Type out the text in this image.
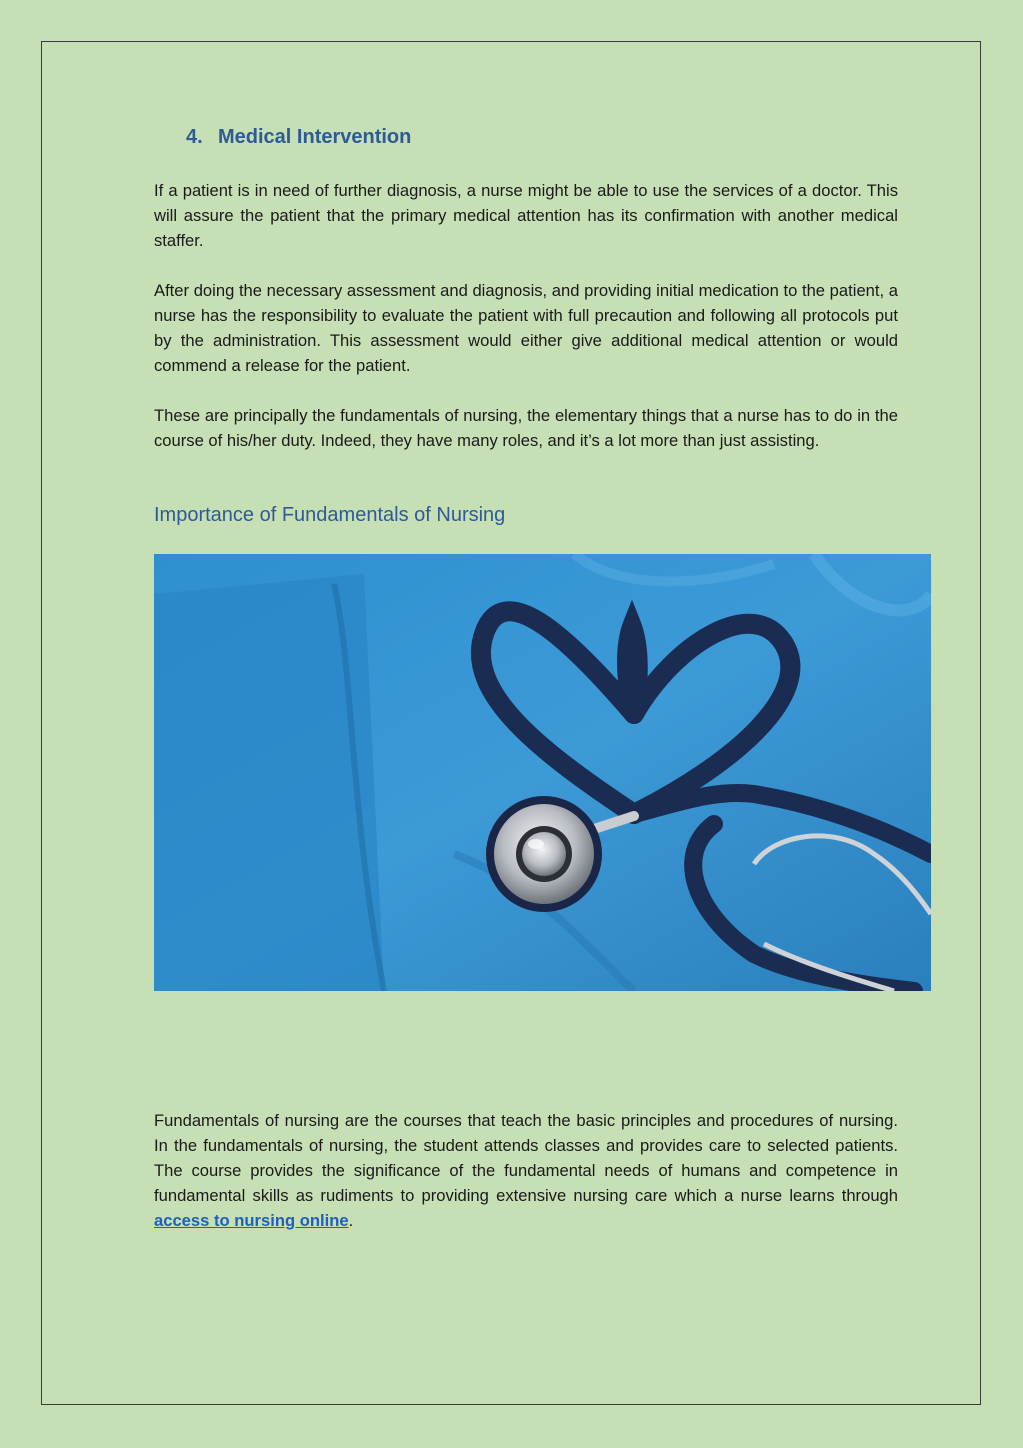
4. Medical Intervention

If a patient is in need of further diagnosis, a nurse might be able to use the services of a doctor. This will assure the patient that the primary medical attention has its confirmation with another medical staffer.

After doing the necessary assessment and diagnosis, and providing initial medication to the patient, a nurse has the responsibility to evaluate the patient with full precaution and following all protocols put by the administration. This assessment would either give additional medical attention or would commend a release for the patient.

These are principally the fundamentals of nursing, the elementary things that a nurse has to do in the course of his/her duty. Indeed, they have many roles, and it’s a lot more than just assisting.

Importance of Fundamentals of Nursing

Fundamentals of nursing are the courses that teach the basic principles and procedures of nursing. In the fundamentals of nursing, the student attends classes and provides care to selected patients. The course provides the significance of the fundamental needs of humans and competence in fundamental skills as rudiments to providing extensive nursing care which a nurse learns through access to nursing online.
